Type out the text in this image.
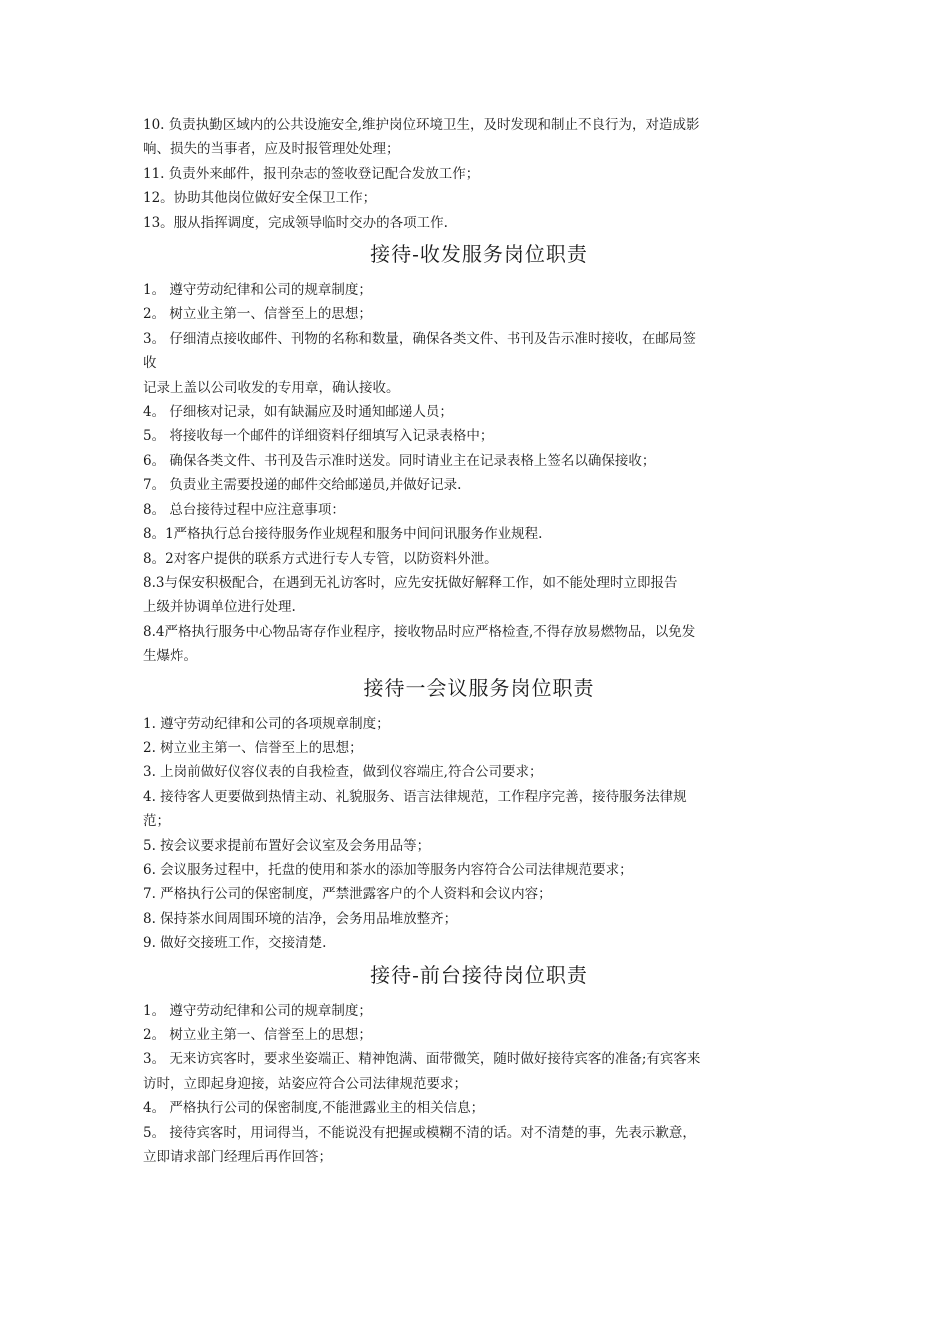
10. 负责执勤区域内的公共设施安全,维护岗位环境卫生，及时发现和制止不良行为，对造成影
响、损失的当事者，应及时报管理处处理；
11. 负责外来邮件，报刊杂志的签收登记配合发放工作；
12。协助其他岗位做好安全保卫工作；
13。服从指挥调度，完成领导临时交办的各项工作.
接待-收发服务岗位职责
1。 遵守劳动纪律和公司的规章制度；
2。 树立业主第一、信誉至上的思想；
3。 仔细清点接收邮件、刊物的名称和数量，确保各类文件、书刊及告示准时接收，在邮局签
收
记录上盖以公司收发的专用章，确认接收。
4。 仔细核对记录，如有缺漏应及时通知邮递人员；
5。 将接收每一个邮件的详细资料仔细填写入记录表格中；
6。 确保各类文件、书刊及告示准时送发。同时请业主在记录表格上签名以确保接收；
7。 负责业主需要投递的邮件交给邮递员,并做好记录.
8。 总台接待过程中应注意事项：
8。1严格执行总台接待服务作业规程和服务中间问讯服务作业规程.
8。2对客户提供的联系方式进行专人专管，以防资料外泄。
8.3与保安积极配合，在遇到无礼访客时，应先安抚做好解释工作，如不能处理时立即报告
上级并协调单位进行处理.
8.4严格执行服务中心物品寄存作业程序，接收物品时应严格检查,不得存放易燃物品，以免发
生爆炸。
接待一会议服务岗位职责
1. 遵守劳动纪律和公司的各项规章制度；
2. 树立业主第一、信誉至上的思想；
3. 上岗前做好仪容仪表的自我检查，做到仪容端庄,符合公司要求；
4. 接待客人更要做到热情主动、礼貌服务、语言法律规范，工作程序完善，接待服务法律规
范；
5. 按会议要求提前布置好会议室及会务用品等；
6. 会议服务过程中，托盘的使用和茶水的添加等服务内容符合公司法律规范要求；
7. 严格执行公司的保密制度，严禁泄露客户的个人资料和会议内容；
8. 保持茶水间周围环境的洁净，会务用品堆放整齐；
9. 做好交接班工作，交接清楚.
接待-前台接待岗位职责
1。 遵守劳动纪律和公司的规章制度；
2。 树立业主第一、信誉至上的思想；
3。 无来访宾客时，要求坐姿端正、精神饱满、面带微笑，随时做好接待宾客的准备;有宾客来
访时，立即起身迎接，站姿应符合公司法律规范要求；
4。 严格执行公司的保密制度,不能泄露业主的相关信息；
5。 接待宾客时，用词得当，不能说没有把握或模糊不清的话。对不清楚的事，先表示歉意，
立即请求部门经理后再作回答；
